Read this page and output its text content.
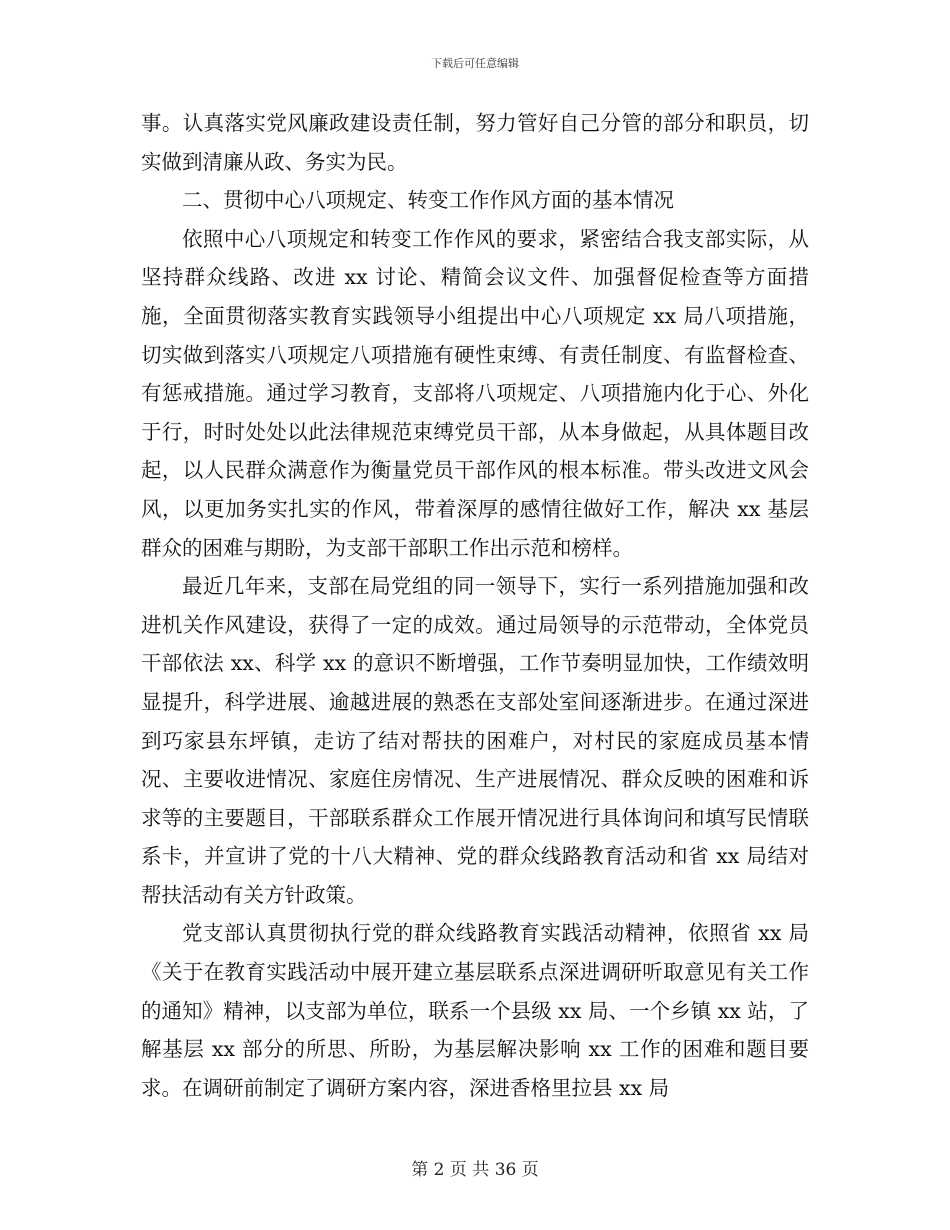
下载后可任意编辑

事。认真落实党风廉政建设责任制，努力管好自己分管的部分和职员，切实做到清廉从政、务实为民。

二、贯彻中心八项规定、转变工作作风方面的基本情况

依照中心八项规定和转变工作作风的要求，紧密结合我支部实际，从坚持群众线路、改进 xx 讨论、精简会议文件、加强督促检查等方面措施，全面贯彻落实教育实践领导小组提出中心八项规定 xx 局八项措施，切实做到落实八项规定八项措施有硬性束缚、有责任制度、有监督检查、有惩戒措施。通过学习教育，支部将八项规定、八项措施内化于心、外化于行，时时处处以此法律规范束缚党员干部，从本身做起，从具体题目改起，以人民群众满意作为衡量党员干部作风的根本标准。带头改进文风会风，以更加务实扎实的作风，带着深厚的感情往做好工作，解决 xx 基层群众的困难与期盼，为支部干部职工作出示范和榜样。

最近几年来，支部在局党组的同一领导下，实行一系列措施加强和改进机关作风建设，获得了一定的成效。通过局领导的示范带动，全体党员干部依法 xx、科学 xx 的意识不断增强，工作节奏明显加快，工作绩效明显提升，科学进展、逾越进展的熟悉在支部处室间逐渐进步。在通过深进到巧家县东坪镇，走访了结对帮扶的困难户，对村民的家庭成员基本情况、主要收进情况、家庭住房情况、生产进展情况、群众反映的困难和诉求等的主要题目，干部联系群众工作展开情况进行具体询问和填写民情联系卡，并宣讲了党的十八大精神、党的群众线路教育活动和省 xx 局结对帮扶活动有关方针政策。

党支部认真贯彻执行党的群众线路教育实践活动精神，依照省 xx 局《关于在教育实践活动中展开建立基层联系点深进调研听取意见有关工作的通知》精神，以支部为单位，联系一个县级 xx 局、一个乡镇 xx 站，了解基层 xx 部分的所思、所盼，为基层解决影响 xx 工作的困难和题目要求。在调研前制定了调研方案内容，深进香格里拉县 xx 局

第 2 页 共 36 页
